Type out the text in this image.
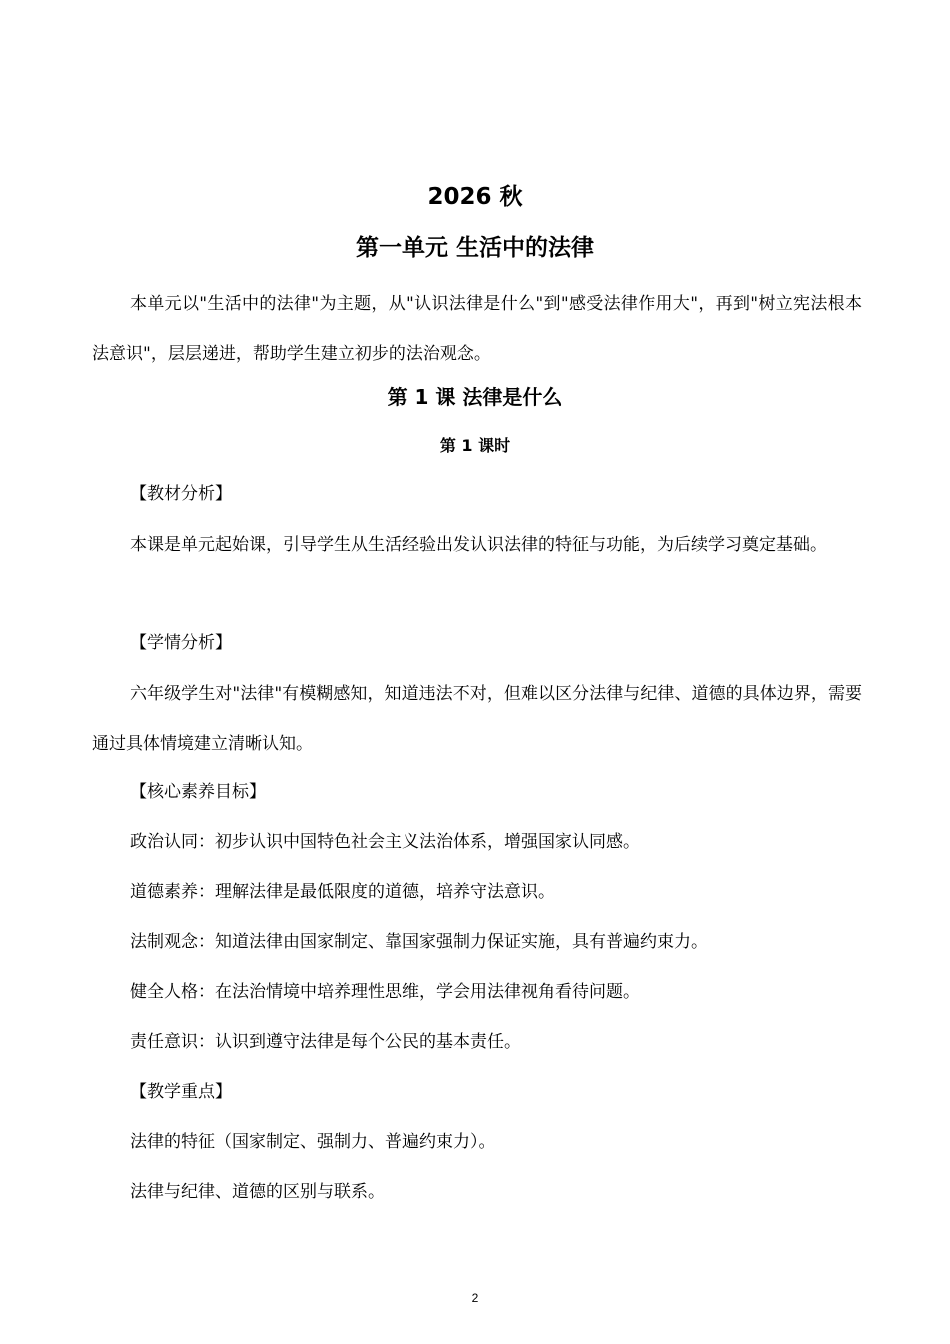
2026 秋
第一单元 生活中的法律

本单元以"生活中的法律"为主题，从"认识法律是什么"到"感受法律作用大"，再到"树立宪法根本法意识"，层层递进，帮助学生建立初步的法治观念。

第 1 课 法律是什么
第 1 课时
【教材分析】

本课是单元起始课，引导学生从生活经验出发认识法律的特征与功能，为后续学习奠定基础。

【学情分析】

六年级学生对"法律"有模糊感知，知道违法不对，但难以区分法律与纪律、道德的具体边界，需要通过具体情境建立清晰认知。

【核心素养目标】
政治认同：初步认识中国特色社会主义法治体系，增强国家认同感。
道德素养：理解法律是最低限度的道德，培养守法意识。
法制观念：知道法律由国家制定、靠国家强制力保证实施，具有普遍约束力。
健全人格：在法治情境中培养理性思维，学会用法律视角看待问题。
责任意识：认识到遵守法律是每个公民的基本责任。
【教学重点】
法律的特征（国家制定、强制力、普遍约束力）。
法律与纪律、道德的区别与联系。
2
